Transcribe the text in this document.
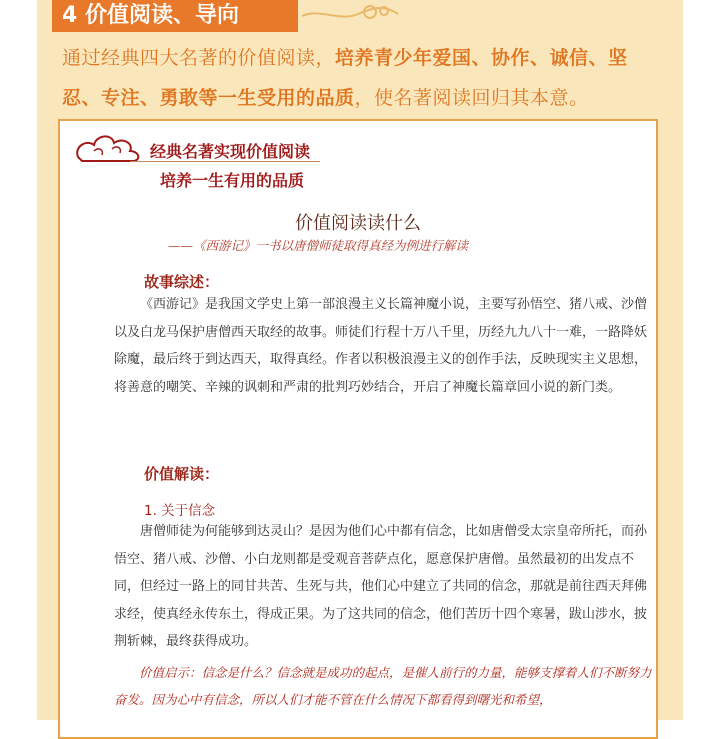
4 价值阅读、导向
通过经典四大名著的价值阅读，培养青少年爱国、协作、诚信、坚忍、专注、勇敢等一生受用的品质，使名著阅读回归其本意。
经典名著实现价值阅读
培养一生有用的品质
价值阅读读什么
——《西游记》一书以唐僧师徒取得真经为例进行解读
故事综述：
《西游记》是我国文学史上第一部浪漫主义长篇神魔小说，主要写孙悟空、猪八戒、沙僧以及白龙马保护唐僧西天取经的故事。师徒们行程十万八千里，历经九九八十一难，一路降妖除魔，最后终于到达西天，取得真经。作者以积极浪漫主义的创作手法，反映现实主义思想，将善意的嘲笑、辛辣的讽刺和严肃的批判巧妙结合，开启了神魔长篇章回小说的新门类。
价值解读：
1. 关于信念
唐僧师徒为何能够到达灵山？是因为他们心中都有信念，比如唐僧受太宗皇帝所托，而孙悟空、猪八戒、沙僧、小白龙则都是受观音菩萨点化，愿意保护唐僧。虽然最初的出发点不同，但经过一路上的同甘共苦、生死与共，他们心中建立了共同的信念，那就是前往西天拜佛求经，使真经永传东土，得成正果。为了这共同的信念，他们苦历十四个寒暑，跋山涉水，披荆斩棘，最终获得成功。
价值启示：信念是什么？信念就是成功的起点，是催人前行的力量，能够支撑着人们不断努力奋发。因为心中有信念，所以人们才能不管在什么情况下都看得到曙光和希望，
